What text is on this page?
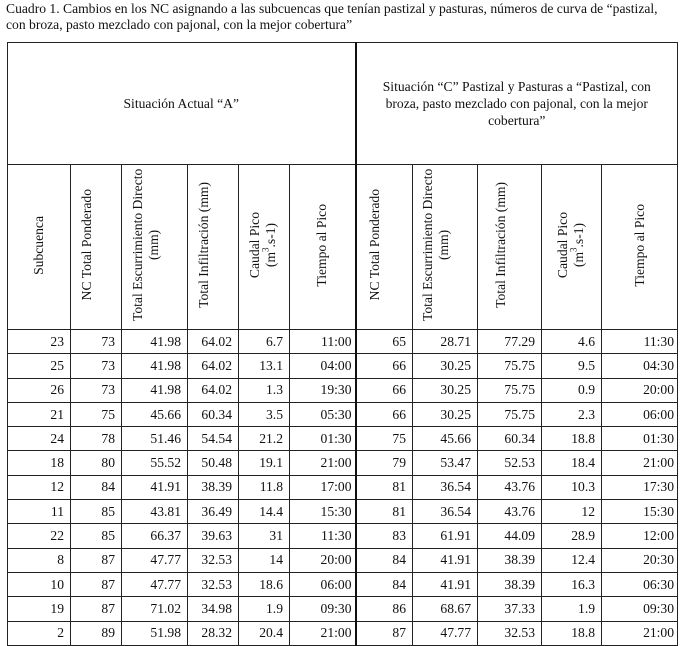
Cuadro 1. Cambios en los NC asignando a las subcuencas que tenían pastizal y pasturas, números de curva de “pastizal,
con broza, pasto mezclado con pajonal, con la mejor cobertura”
Situación Actual “A”						Situación “C” Pastizal y Pasturas a “Pastizal, con
broza, pasto mezclado con pajonal, con la mejor
cobertura”				

Subcuenca	NC Total Ponderado	Total Escurrimiento Directo (mm)	Total Infiltración (mm)	Caudal Pico
$(m^3.s-1)$	Tiempo al Pico	NC Total Ponderado	Total Escurrimiento Directo (mm)	Total Infiltración (mm)	Caudal Pico
$(m^3.s-1)$	Tiempo al Pico
23	73	41.98	64.02	6.7	11:00	65	28.71	77.29	4.6	11:30
25	73	41.98	64.02	13.1	04:00	66	30.25	75.75	9.5	04:30
26	73	41.98	64.02	1.3	19:30	66	30.25	75.75	0.9	20:00
21	75	45.66	60.34	3.5	05:30	66	30.25	75.75	2.3	06:00
24	78	51.46	54.54	21.2	01:30	75	45.66	60.34	18.8	01:30
18	80	55.52	50.48	19.1	21:00	79	53.47	52.53	18.4	21:00
12	84	41.91	38.39	11.8	17:00	81	36.54	43.76	10.3	17:30
11	85	43.81	36.49	14.4	15:30	81	36.54	43.76	12	15:30
22	85	66.37	39.63	31	11:30	83	61.91	44.09	28.9	12:00
8	87	47.77	32.53	14	20:00	84	41.91	38.39	12.4	20:30
10	87	47.77	32.53	18.6	06:00	84	41.91	38.39	16.3	06:30
19	87	71.02	34.98	1.9	09:30	86	68.67	37.33	1.9	09:30
2	89	51.98	28.32	20.4	21:00	87	47.77	32.53	18.8	21:00
